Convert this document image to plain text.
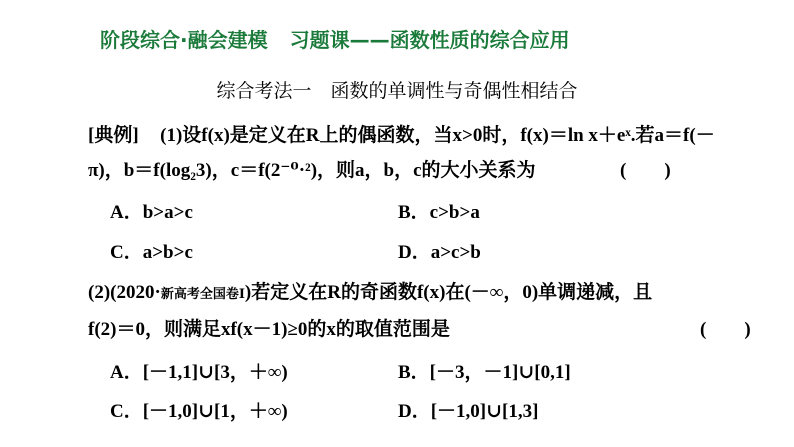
阶段综合·融会建模 习题课——函数性质的综合应用
综合考法一　函数的单调性与奇偶性相结合
[典例] (1)设f(x)是定义在R上的偶函数，当x>0时，f(x)＝ln x＋eˣ.若a＝f(－
π)，b＝f(log₂3)，c＝f(2⁻⁰·²)，则a，b，c的大小关系为	(　　)
A．b>a>c	B．c>b>a
C．a>b>c	D．a>c>b
(2)(2020·新高考全国卷Ⅰ)若定义在R的奇函数f(x)在(－∞，0)单调递减，且
f(2)＝0，则满足xf(x－1)≥0的x的取值范围是	(　　)
A．[－1,1]∪[3，＋∞)	B．[－3，－1]∪[0,1]
C．[－1,0]∪[1，＋∞)	D．[－1,0]∪[1,3]
